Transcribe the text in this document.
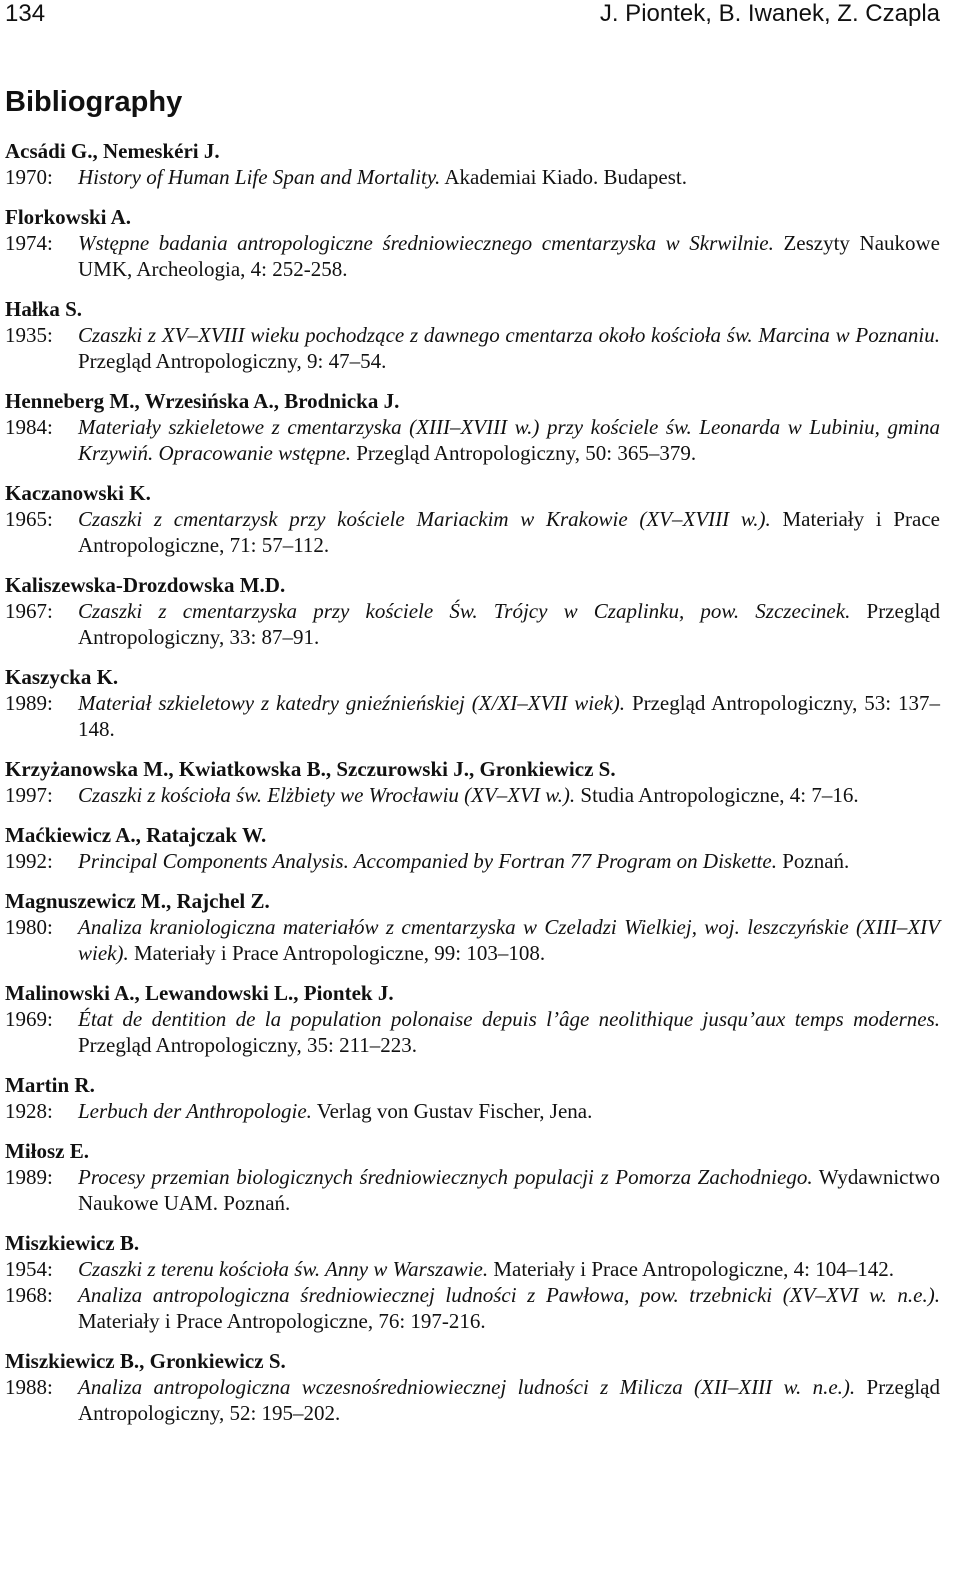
134	J. Piontek, B. Iwanek, Z. Czapla
Bibliography

Acsádi G., Nemeskéri J.

1970: History of Human Life Span and Mortality. Akademiai Kiado. Budapest.

Florkowski A.

1974: Wstępne badania antropologiczne średniowiecznego cmentarzyska w Skrwilnie. Zeszyty Naukowe UMK, Archeologia, 4: 252-258.

Hałka S.

1935: Czaszki z XV–XVIII wieku pochodzące z dawnego cmentarza około kościoła św. Marcina w Poznaniu. Przegląd Antropologiczny, 9: 47–54.

Henneberg M., Wrzesińska A., Brodnicka J.

1984: Materiały szkieletowe z cmentarzyska (XIII–XVIII w.) przy kościele św. Leonarda w Lubiniu, gmina Krzywiń. Opracowanie wstępne. Przegląd Antropologiczny, 50: 365–379.

Kaczanowski K.

1965: Czaszki z cmentarzysk przy kościele Mariackim w Krakowie (XV–XVIII w.). Materiały i Prace Antropologiczne, 71: 57–112.

Kaliszewska-Drozdowska M.D.

1967: Czaszki z cmentarzyska przy kościele Św. Trójcy w Czaplinku, pow. Szczecinek. Przegląd Antropologiczny, 33: 87–91.

Kaszycka K.

1989: Materiał szkieletowy z katedry gnieźnieńskiej (X/XI–XVII wiek). Przegląd Antropologiczny, 53: 137–148.

Krzyżanowska M., Kwiatkowska B., Szczurowski J., Gronkiewicz S.

1997: Czaszki z kościoła św. Elżbiety we Wrocławiu (XV–XVI w.). Studia Antropologiczne, 4: 7–16.

Maćkiewicz A., Ratajczak W.

1992: Principal Components Analysis. Accompanied by Fortran 77 Program on Diskette. Poznań.

Magnuszewicz M., Rajchel Z.

1980: Analiza kraniologiczna materiałów z cmentarzyska w Czeladzi Wielkiej, woj. leszczyńskie (XIII–XIV wiek). Materiały i Prace Antropologiczne, 99: 103–108.

Malinowski A., Lewandowski L., Piontek J.

1969: État de dentition de la population polonaise depuis l’âge neolithique jusqu’aux temps modernes. Przegląd Antropologiczny, 35: 211–223.

Martin R.

1928: Lerbuch der Anthropologie. Verlag von Gustav Fischer, Jena.

Miłosz E.

1989: Procesy przemian biologicznych średniowiecznych populacji z Pomorza Zachodniego. Wydawnictwo Naukowe UAM. Poznań.

Miszkiewicz B.

1954: Czaszki z terenu kościoła św. Anny w Warszawie. Materiały i Prace Antropologiczne, 4: 104–142.

1968: Analiza antropologiczna średniowiecznej ludności z Pawłowa, pow. trzebnicki (XV–XVI w. n.e.). Materiały i Prace Antropologiczne, 76: 197-216.

Miszkiewicz B., Gronkiewicz S.

1988: Analiza antropologiczna wczesnośredniowiecznej ludności z Milicza (XII–XIII w. n.e.). Przegląd Antropologiczny, 52: 195–202.
